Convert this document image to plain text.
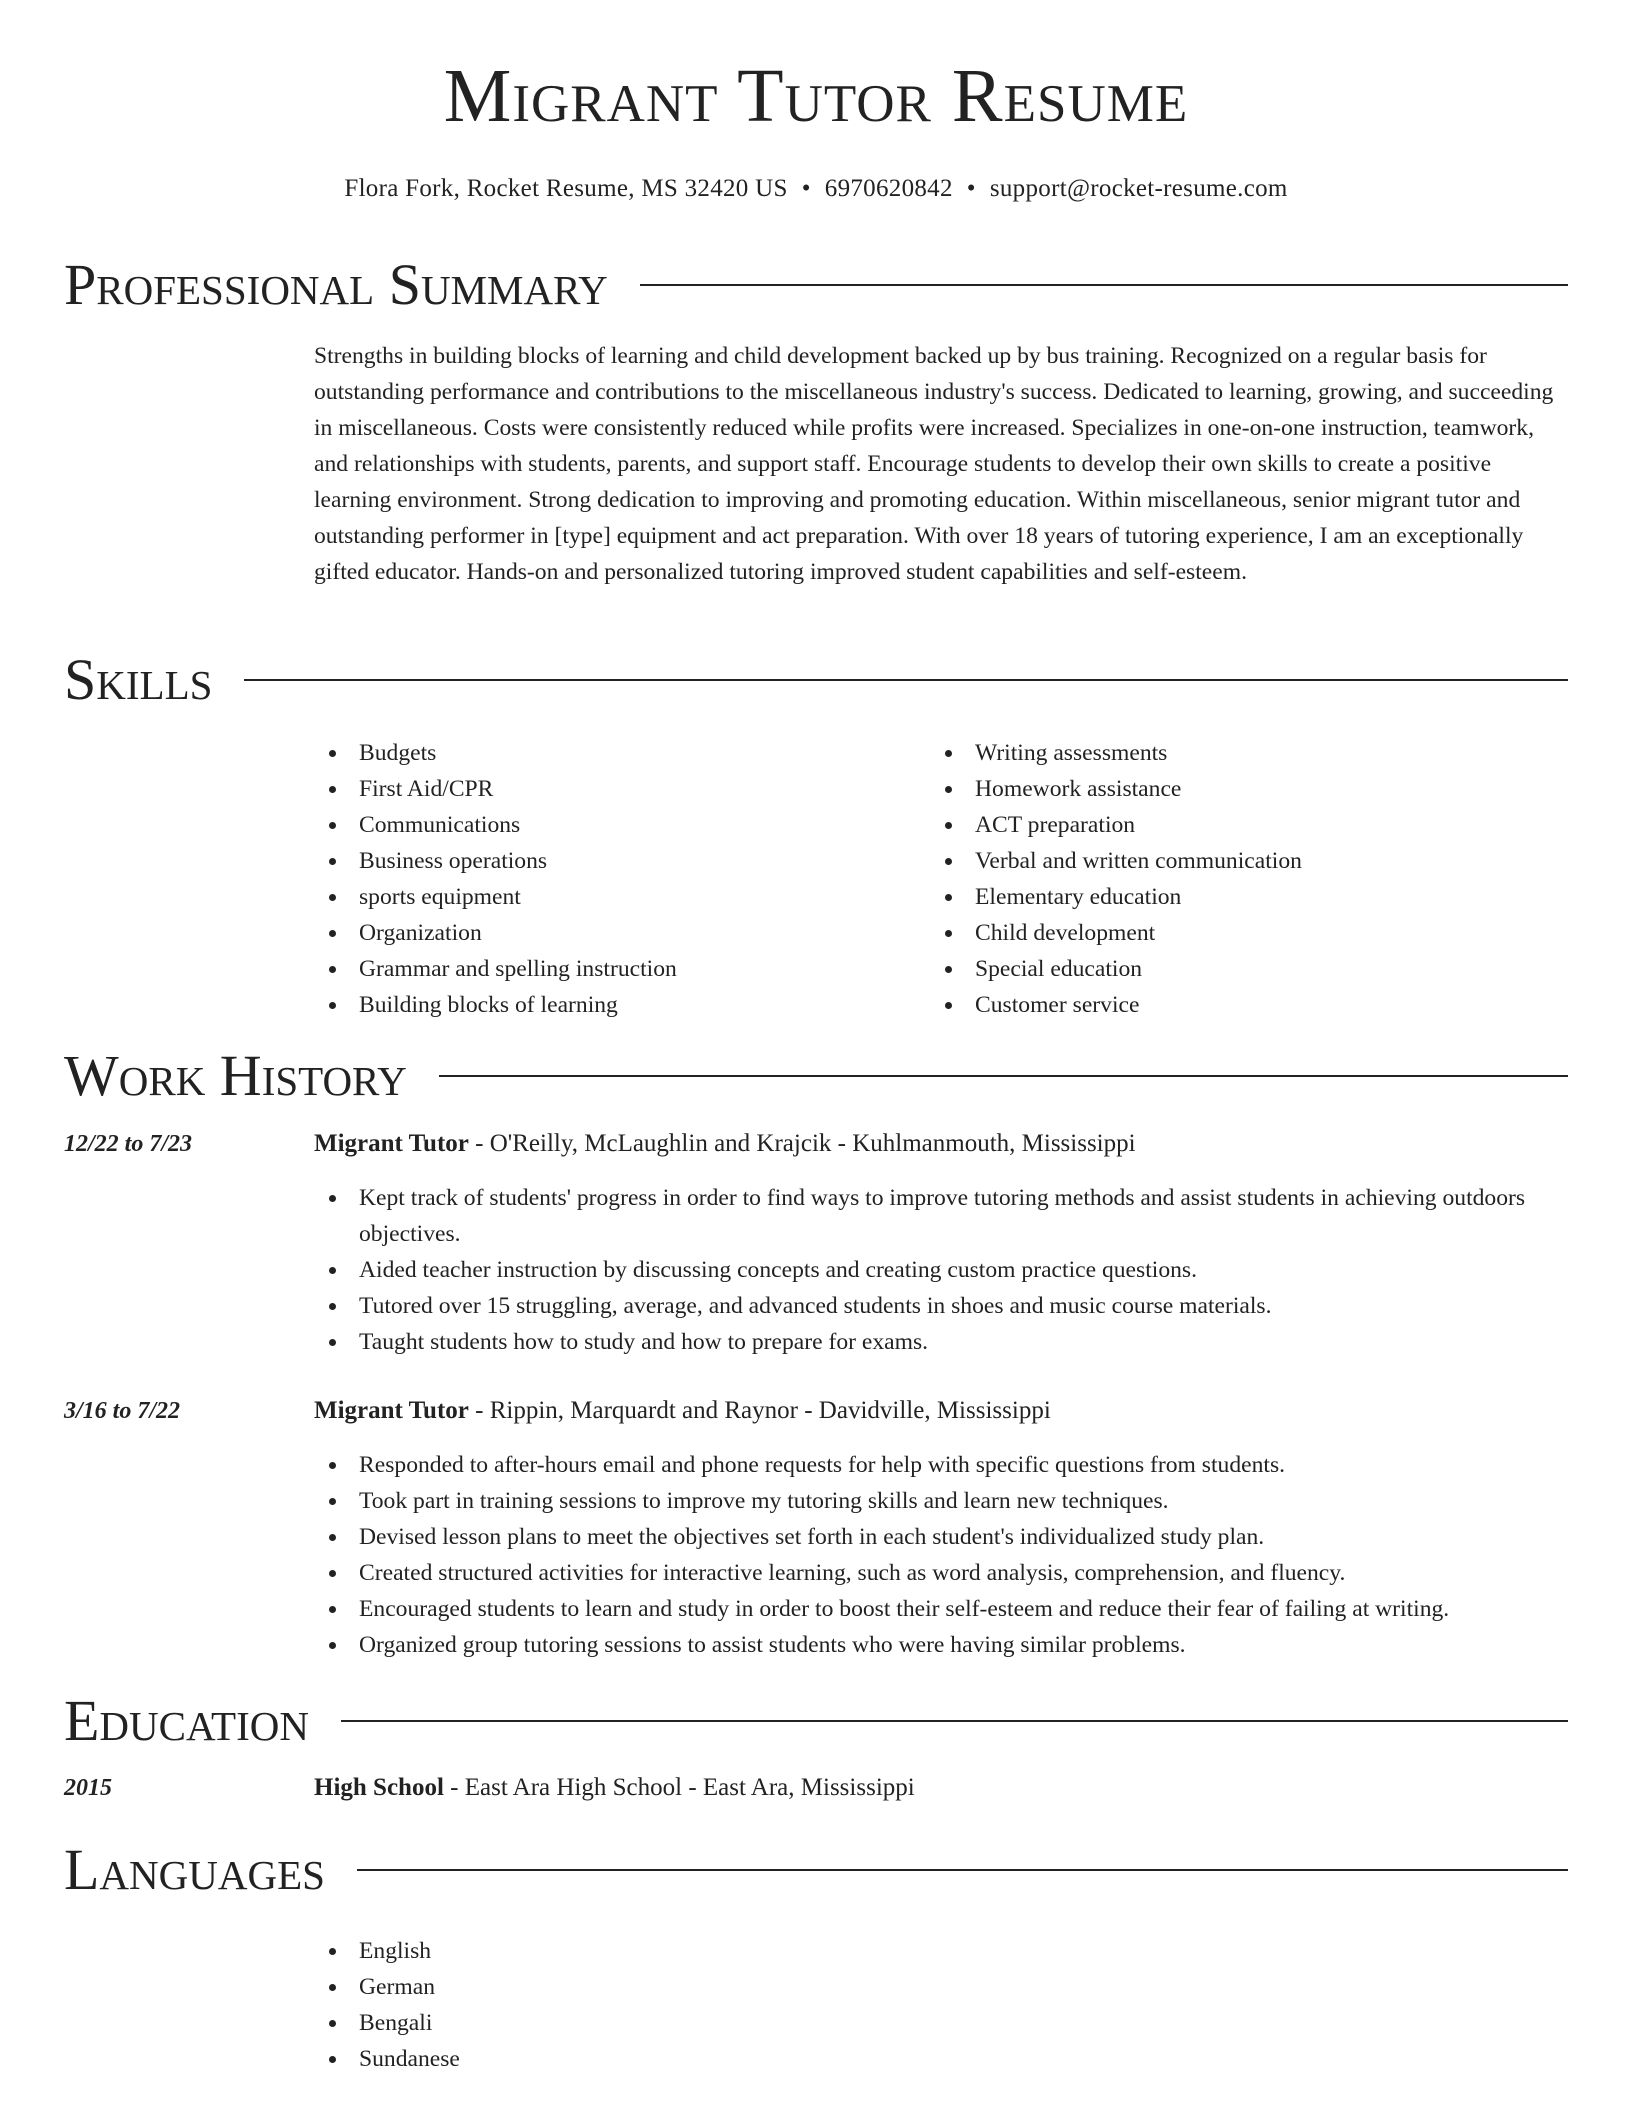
Migrant Tutor Resume
Flora Fork, Rocket Resume, MS 32420 US • 6970620842 • support@rocket-resume.com
Professional Summary

Strengths in building blocks of learning and child development backed up by bus training. Recognized on a regular basis for outstanding performance and contributions to the miscellaneous industry's success. Dedicated to learning, growing, and succeeding in miscellaneous. Costs were consistently reduced while profits were increased. Specializes in one-on-one instruction, teamwork, and relationships with students, parents, and support staff. Encourage students to develop their own skills to create a positive learning environment. Strong dedication to improving and promoting education. Within miscellaneous, senior migrant tutor and outstanding performer in [type] equipment and act preparation. With over 18 years of tutoring experience, I am an exceptionally gifted educator. Hands-on and personalized tutoring improved student capabilities and self-esteem.

Skills
Budgets
First Aid/CPR
Communications
Business operations
sports equipment
Organization
Grammar and spelling instruction
Building blocks of learning
Writing assessments
Homework assistance
ACT preparation
Verbal and written communication
Elementary education
Child development
Special education
Customer service
Work History
12/22 to 7/23	Migrant Tutor - O'Reilly, McLaughlin and Krajcik - Kuhlmanmouth, Mississippi
Kept track of students' progress in order to find ways to improve tutoring methods and assist students in achieving outdoors objectives.
Aided teacher instruction by discussing concepts and creating custom practice questions.
Tutored over 15 struggling, average, and advanced students in shoes and music course materials.
Taught students how to study and how to prepare for exams.
3/16 to 7/22	Migrant Tutor - Rippin, Marquardt and Raynor - Davidville, Mississippi
Responded to after-hours email and phone requests for help with specific questions from students.
Took part in training sessions to improve my tutoring skills and learn new techniques.
Devised lesson plans to meet the objectives set forth in each student's individualized study plan.
Created structured activities for interactive learning, such as word analysis, comprehension, and fluency.
Encouraged students to learn and study in order to boost their self-esteem and reduce their fear of failing at writing.
Organized group tutoring sessions to assist students who were having similar problems.
Education
2015	High School - East Ara High School - East Ara, Mississippi
Languages
English
German
Bengali
Sundanese
